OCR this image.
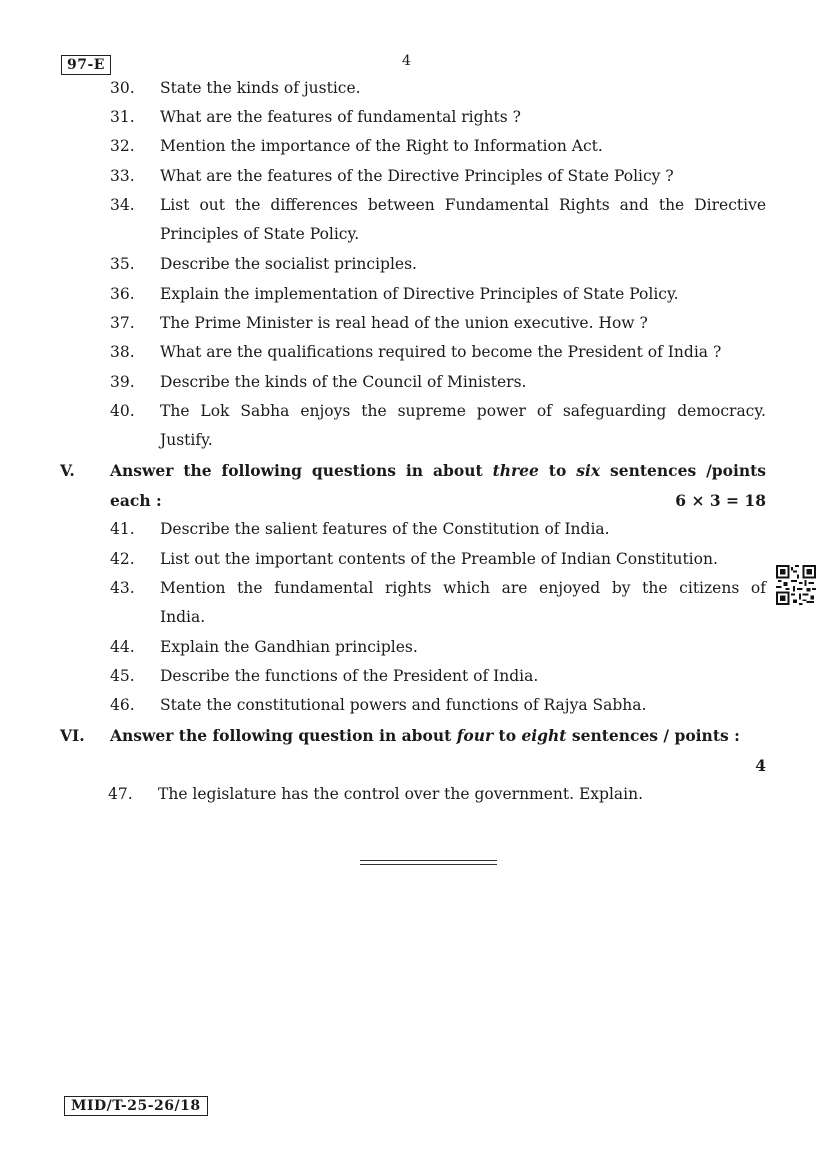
97-E	4
30. State the kinds of justice.
31. What are the features of fundamental rights ?
32. Mention the importance of the Right to Information Act.
33. What are the features of the Directive Principles of State Policy ?
34. List out the differences between Fundamental Rights and the Directive
Principles of State Policy.
35. Describe the socialist principles.
36. Explain the implementation of Directive Principles of State Policy.
37. The Prime Minister is real head of the union executive. How ?
38. What are the qualifications required to become the President of India ?
39. Describe the kinds of the Council of Ministers.
40. The Lok Sabha enjoys the supreme power of safeguarding democracy.
Justify.
V. Answer the following questions in about three to six sentences /points
each :	6 × 3 = 18
41. Describe the salient features of the Constitution of India.
42. List out the important contents of the Preamble of Indian Constitution.
43. Mention the fundamental rights which are enjoyed by the citizens of
India.
44. Explain the Gandhian principles.
45. Describe the functions of the President of India.
46. State the constitutional powers and functions of Rajya Sabha.
VI. Answer the following question in about four to eight sentences / points :
4
47. The legislature has the control over the government. Explain.
MID/T-25-26/18
